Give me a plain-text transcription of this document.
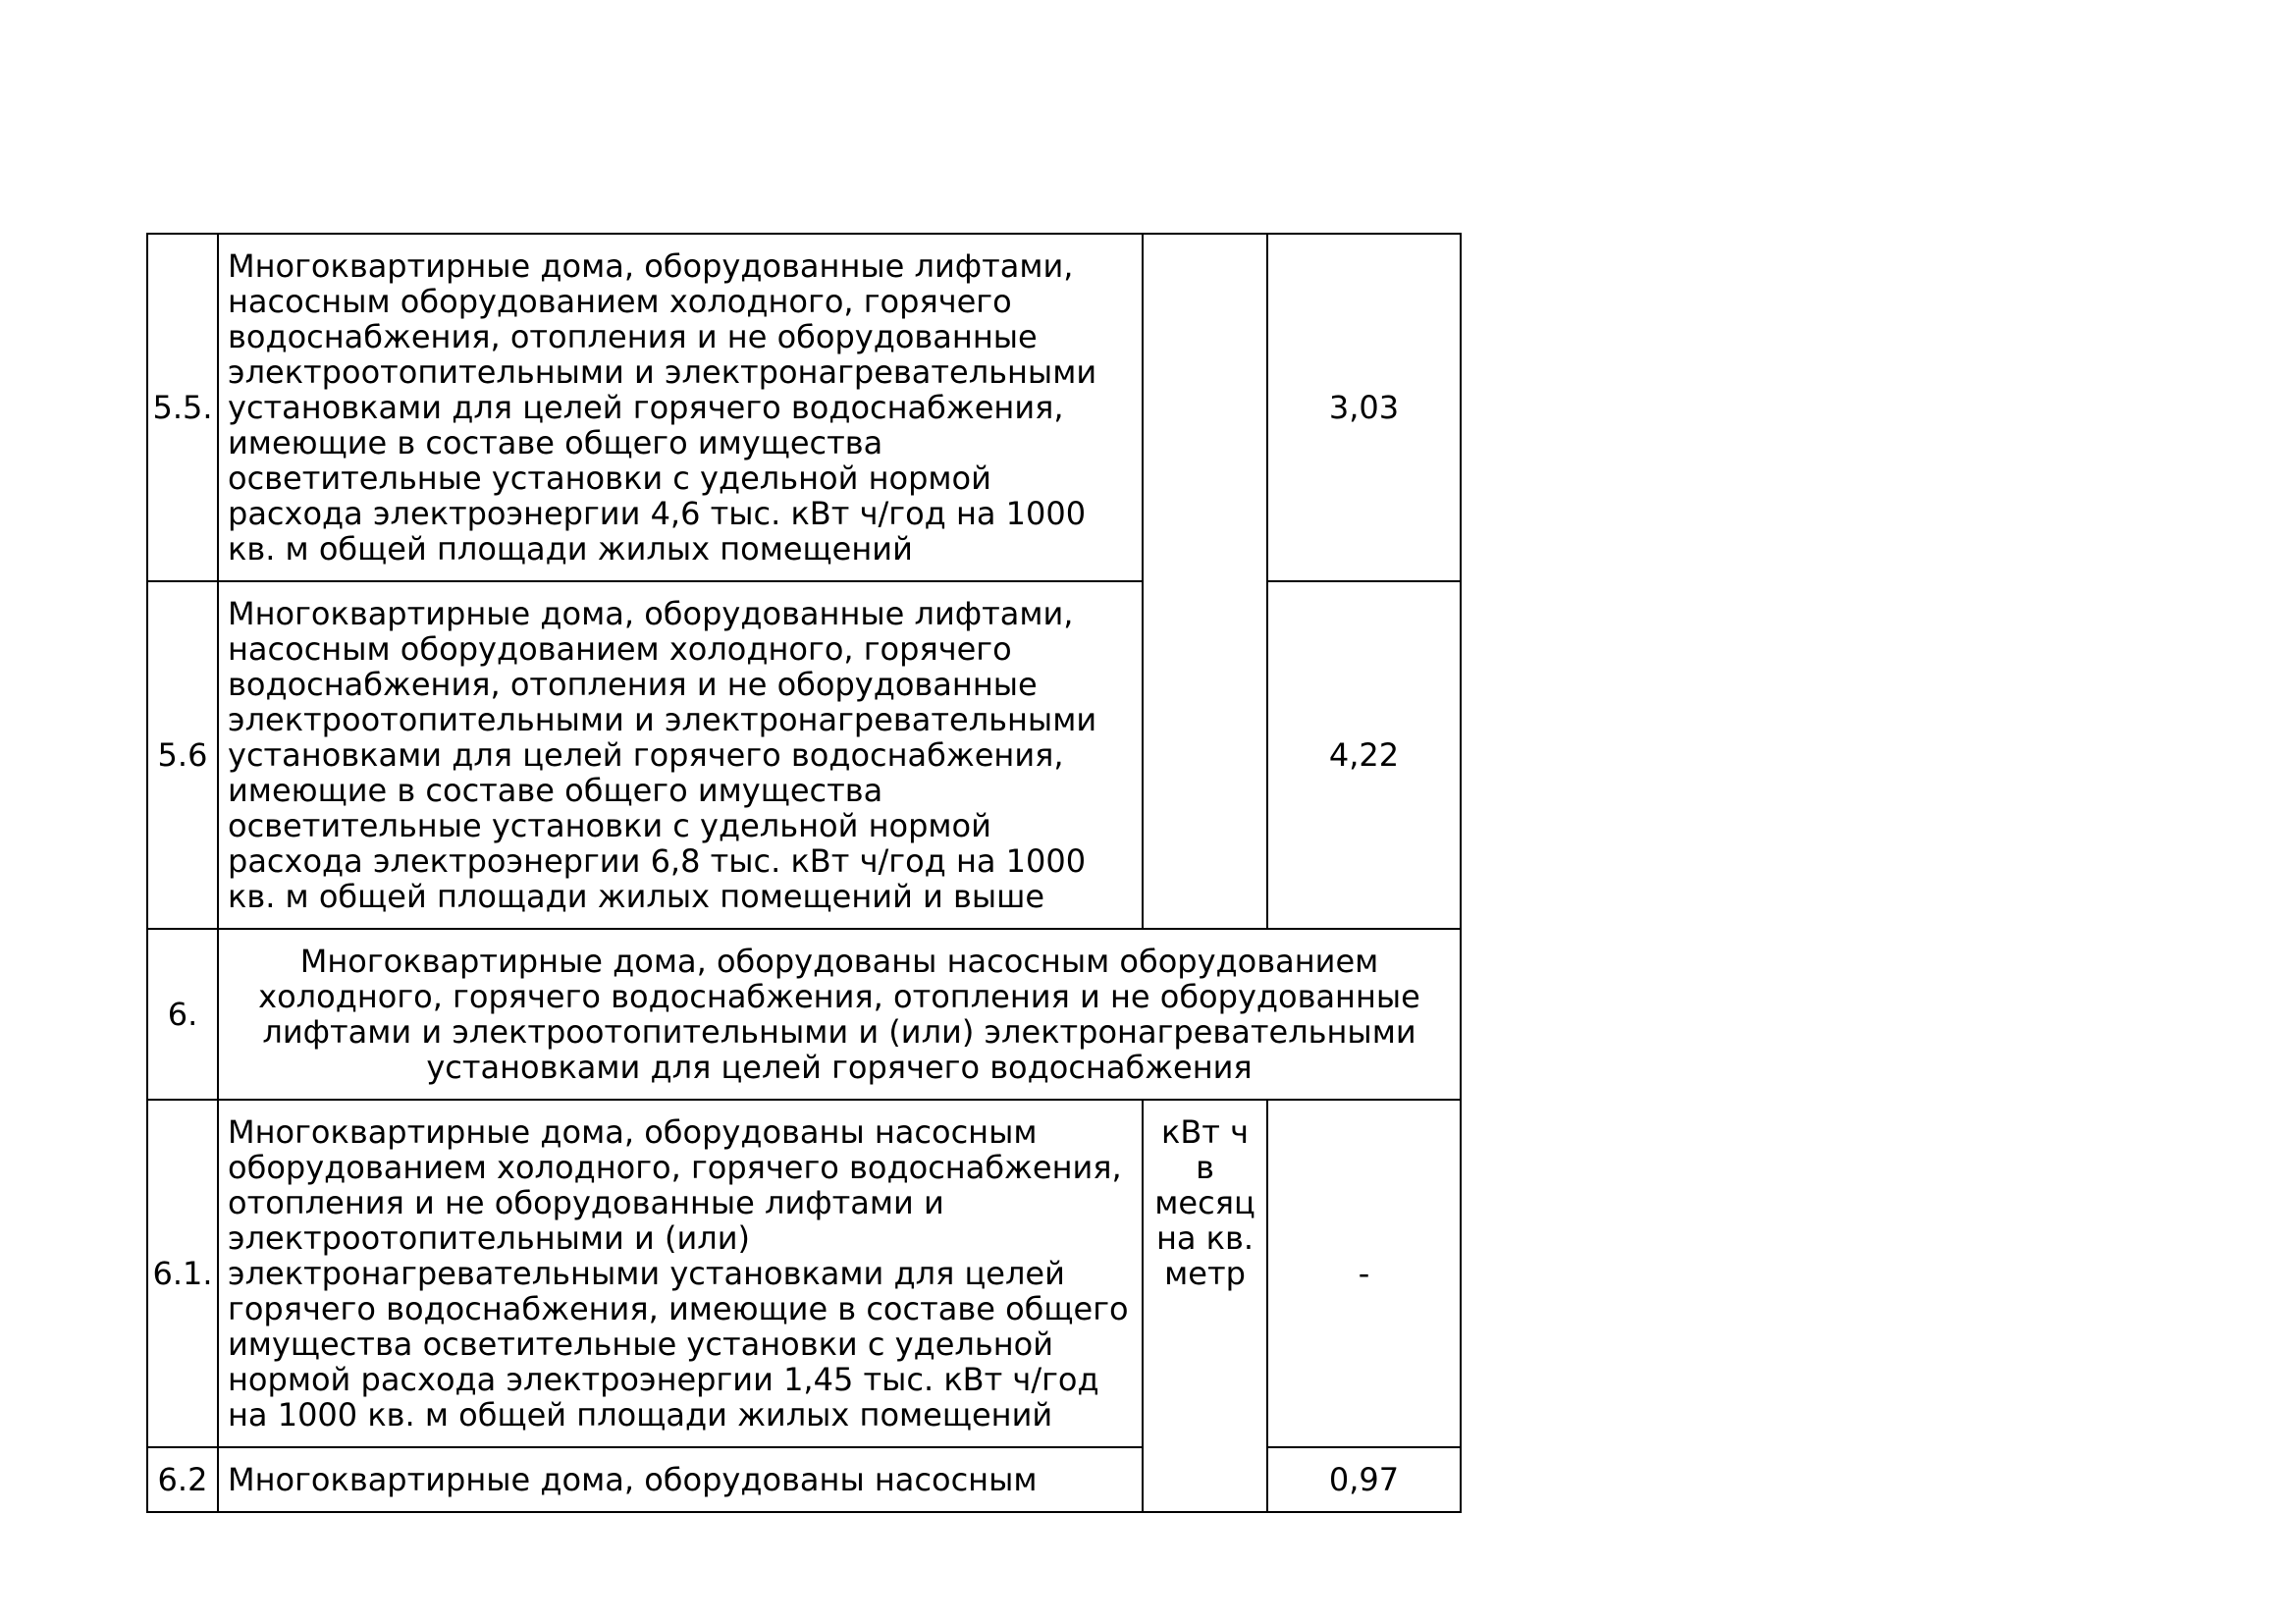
5.5.	Многоквартирные дома, оборудованные лифтами, насосным оборудованием холодного, горячего водоснабжения, отопления и не оборудованные электроотопительными и электронагревательными установками для целей горячего водоснабжения, имеющие в составе общего имущества осветительные установки с удельной нормой расхода электроэнергии 4,6 тыс. кВт ч/год на 1000 кв. м общей площади жилых помещений		3,03
5.6	Многоквартирные дома, оборудованные лифтами, насосным оборудованием холодного, горячего водоснабжения, отопления и не оборудованные электроотопительными и электронагревательными установками для целей горячего водоснабжения, имеющие в составе общего имущества осветительные установки с удельной нормой расхода электроэнергии 6,8 тыс. кВт ч/год на 1000 кв. м общей площади жилых помещений и выше		4,22
6.	Многоквартирные дома, оборудованы насосным оборудованием холодного, горячего водоснабжения, отопления и не оборудованные лифтами и электроотопительными и (или) электронагревательными установками для целей горячего водоснабжения		
6.1.	Многоквартирные дома, оборудованы насосным оборудованием холодного, горячего водоснабжения, отопления и не оборудованные лифтами и электроотопительными и (или) электронагревательными установками для целей горячего водоснабжения, имеющие в составе общего имущества осветительные установки с удельной нормой расхода электроэнергии 1,45 тыс. кВт ч/год на 1000 кв. м общей площади жилых помещений	кВт ч в месяц на кв. метр	-
6.2	Многоквартирные дома, оборудованы насосным		0,97
